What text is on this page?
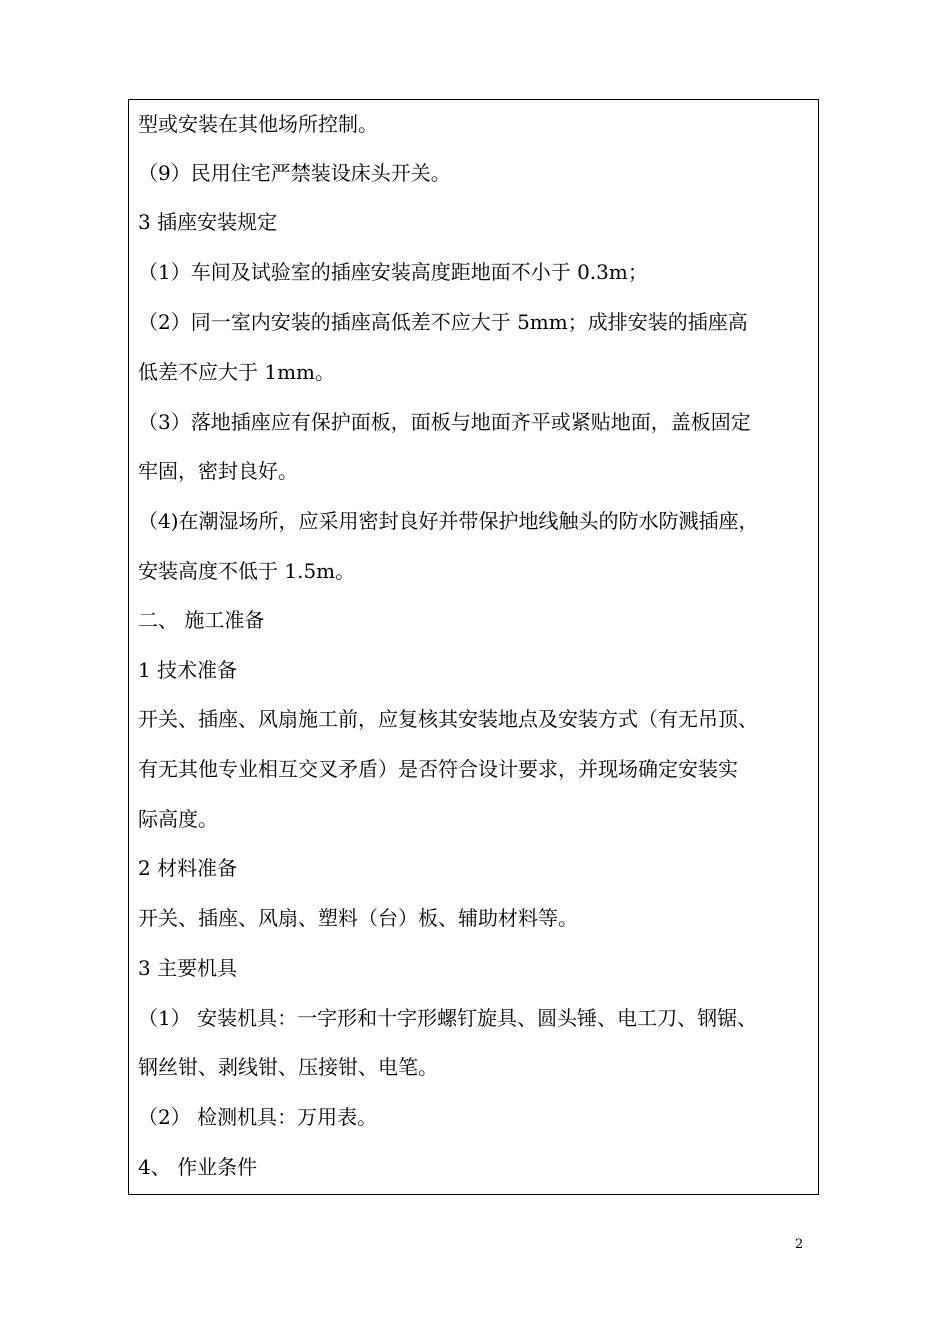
型或安装在其他场所控制。
（9）民用住宅严禁装设床头开关。
3 插座安装规定
（1）车间及试验室的插座安装高度距地面不小于 0.3m；
（2）同一室内安装的插座高低差不应大于 5mm；成排安装的插座高
低差不应大于 1mm。
（3）落地插座应有保护面板，面板与地面齐平或紧贴地面，盖板固定
牢固，密封良好。
（4)在潮湿场所，应采用密封良好并带保护地线触头的防水防溅插座，
安装高度不低于 1.5m。
二、 施工准备
1 技术准备
开关、插座、风扇施工前，应复核其安装地点及安装方式（有无吊顶、
有无其他专业相互交叉矛盾）是否符合设计要求，并现场确定安装实
际高度。
2 材料准备
开关、插座、风扇、塑料（台）板、辅助材料等。
3 主要机具
（1） 安装机具：一字形和十字形螺钉旋具、圆头锤、电工刀、钢锯、
钢丝钳、剥线钳、压接钳、电笔。
（2） 检测机具：万用表。
4、 作业条件
2
